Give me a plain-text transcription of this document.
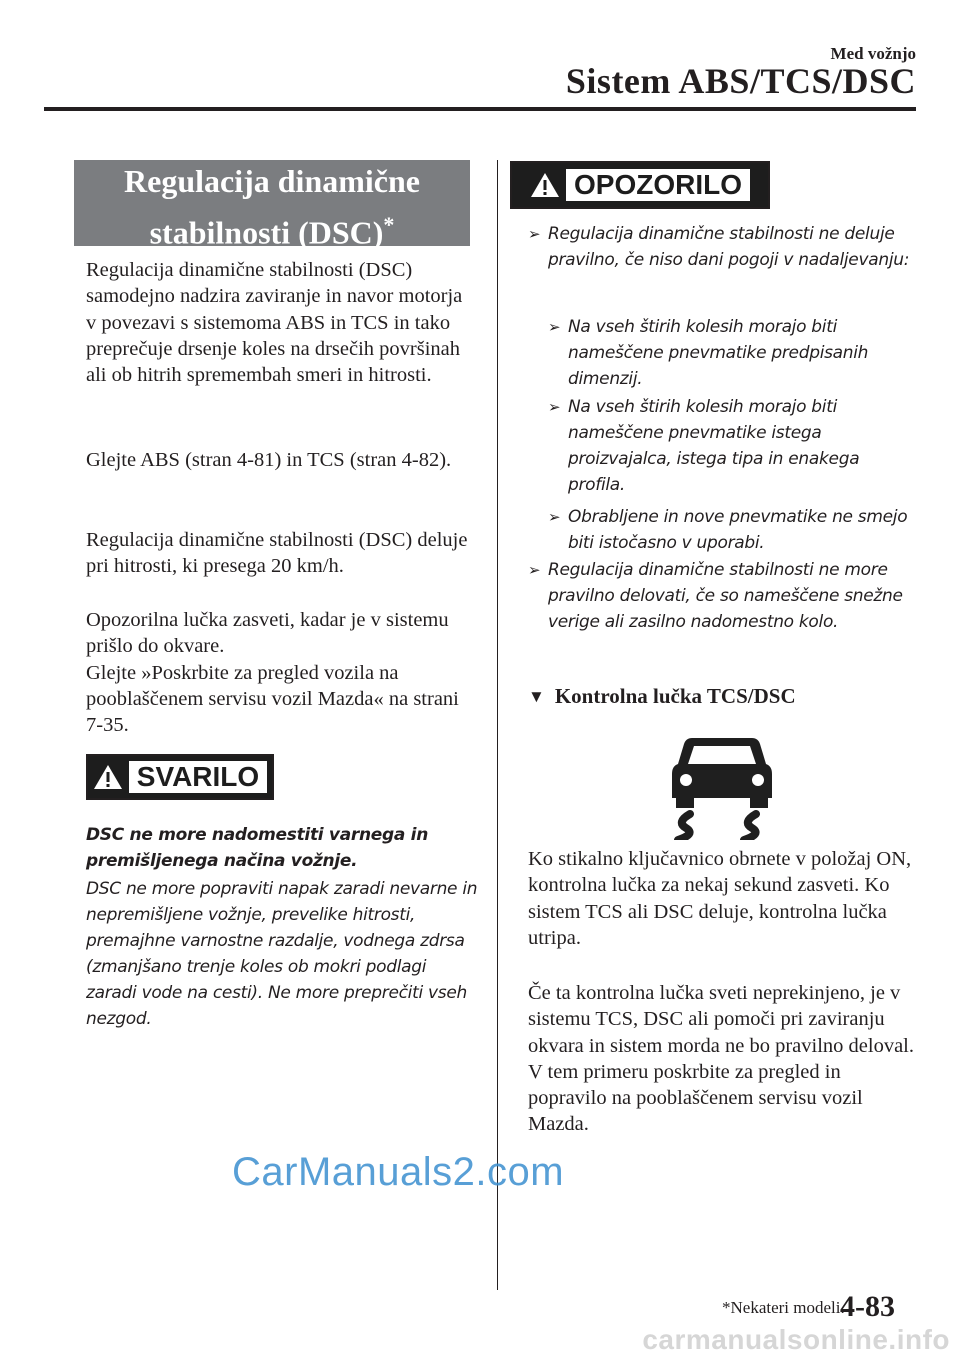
Med vožnjo
Sistem ABS/TCS/DSC
Regulacija dinamične
stabilnosti (DSC)*
Regulacija dinamične stabilnosti (DSC) samodejno nadzira zaviranje in navor motorja v povezavi s sistemoma ABS in TCS in tako preprečuje drsenje koles na drsečih površinah ali ob hitrih spremembah smeri in hitrosti.
Glejte ABS (stran 4-81) in TCS (stran 4-82).
Regulacija dinamične stabilnosti (DSC) deluje pri hitrosti, ki presega 20 km/h.
Opozorilna lučka zasveti, kadar je v sistemu prišlo do okvare.
Glejte »Poskrbite za pregled vozila na pooblaščenem servisu vozil Mazda« na strani 7-35.
SVARILO
DSC ne more nadomestiti varnega in premišljenega načina vožnje.
DSC ne more popraviti napak zaradi nevarne in nepremišljene vožnje, prevelike hitrosti, premajhne varnostne razdalje, vodnega zdrsa (zmanjšano trenje koles ob mokri podlagi zaradi vode na cesti). Ne more preprečiti vseh nezgod.
OPOZORILO
➢ Regulacija dinamične stabilnosti ne deluje pravilno, če niso dani pogoji v nadaljevanju:
➢ Na vseh štirih kolesih morajo biti nameščene pnevmatike predpisanih dimenzij.
➢ Na vseh štirih kolesih morajo biti nameščene pnevmatike istega proizvajalca, istega tipa in enakega profila.
➢ Obrabljene in nove pnevmatike ne smejo biti istočasno v uporabi.
➢ Regulacija dinamične stabilnosti ne more pravilno delovati, če so nameščene snežne verige ali zasilno nadomestno kolo.
▼ Kontrolna lučka TCS/DSC
Ko stikalno ključavnico obrnete v položaj ON, kontrolna lučka za nekaj sekund zasveti. Ko sistem TCS ali DSC deluje, kontrolna lučka utripa.
Če ta kontrolna lučka sveti neprekinjeno, je v sistemu TCS, DSC ali pomoči pri zaviranju okvara in sistem morda ne bo pravilno deloval. V tem primeru poskrbite za pregled in popravilo na pooblaščenem servisu vozil Mazda.
CarManuals2.com
*Nekateri modeli.
4-83
carmanualsonline.info
